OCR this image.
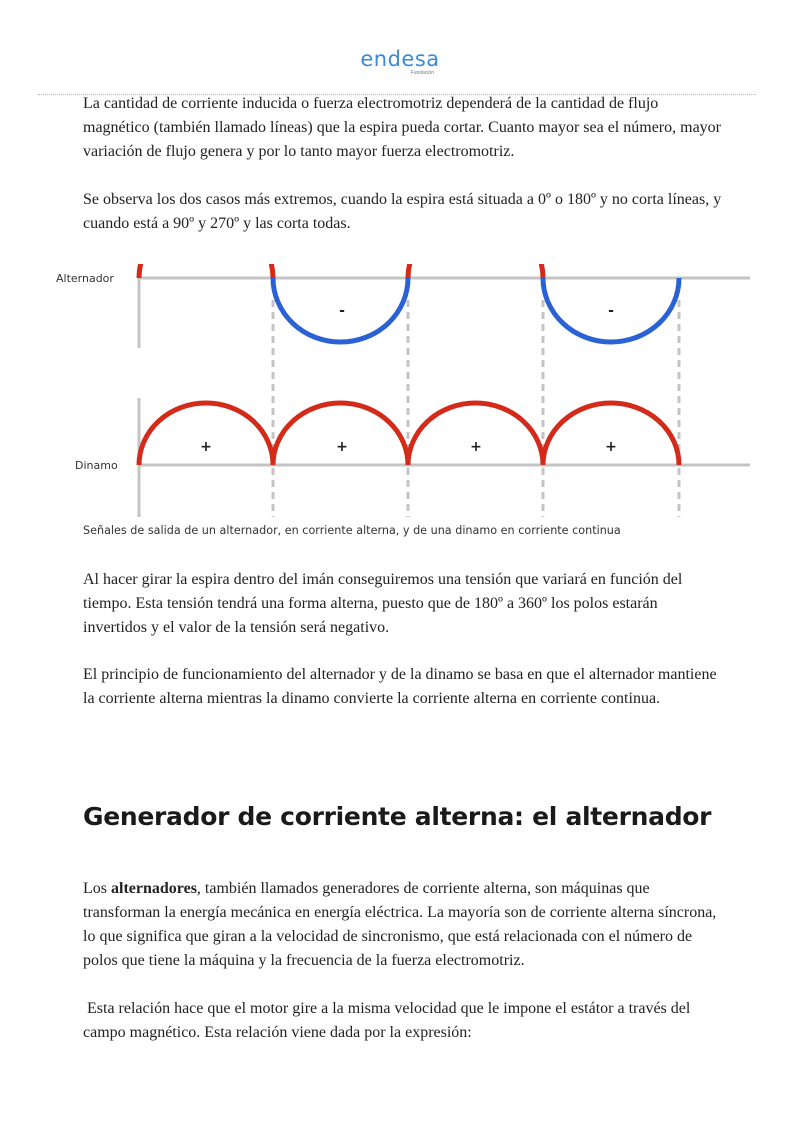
endesa
Fundación

La cantidad de corriente inducida o fuerza electromotriz dependerá de la cantidad de flujo magnético (también llamado líneas) que la espira pueda cortar. Cuanto mayor sea el número, mayor variación de flujo genera y por lo tanto mayor fuerza electromotriz.

Se observa los dos casos más extremos, cuando la espira está situada a 0º o 180º y no corta líneas, y cuando está a 90º y 270º y las corta todas.

Alternador
Dinamo
-	-
+	+	+	+
Señales de salida de un alternador, en corriente alterna, y de una dinamo en corriente continua

Al hacer girar la espira dentro del imán conseguiremos una tensión que variará en función del tiempo. Esta tensión tendrá una forma alterna, puesto que de 180º a 360º los polos estarán invertidos y el valor de la tensión será negativo.

El principio de funcionamiento del alternador y de la dinamo se basa en que el alternador mantiene la corriente alterna mientras la dinamo convierte la corriente alterna en corriente continua.

Generador de corriente alterna: el alternador

Los alternadores, también llamados generadores de corriente alterna, son máquinas que transforman la energía mecánica en energía eléctrica. La mayoría son de corriente alterna síncrona, lo que significa que giran a la velocidad de sincronismo, que está relacionada con el número de polos que tiene la máquina y la frecuencia de la fuerza electromotriz.

Esta relación hace que el motor gire a la misma velocidad que le impone el estátor a través del campo magnético. Esta relación viene dada por la expresión:
